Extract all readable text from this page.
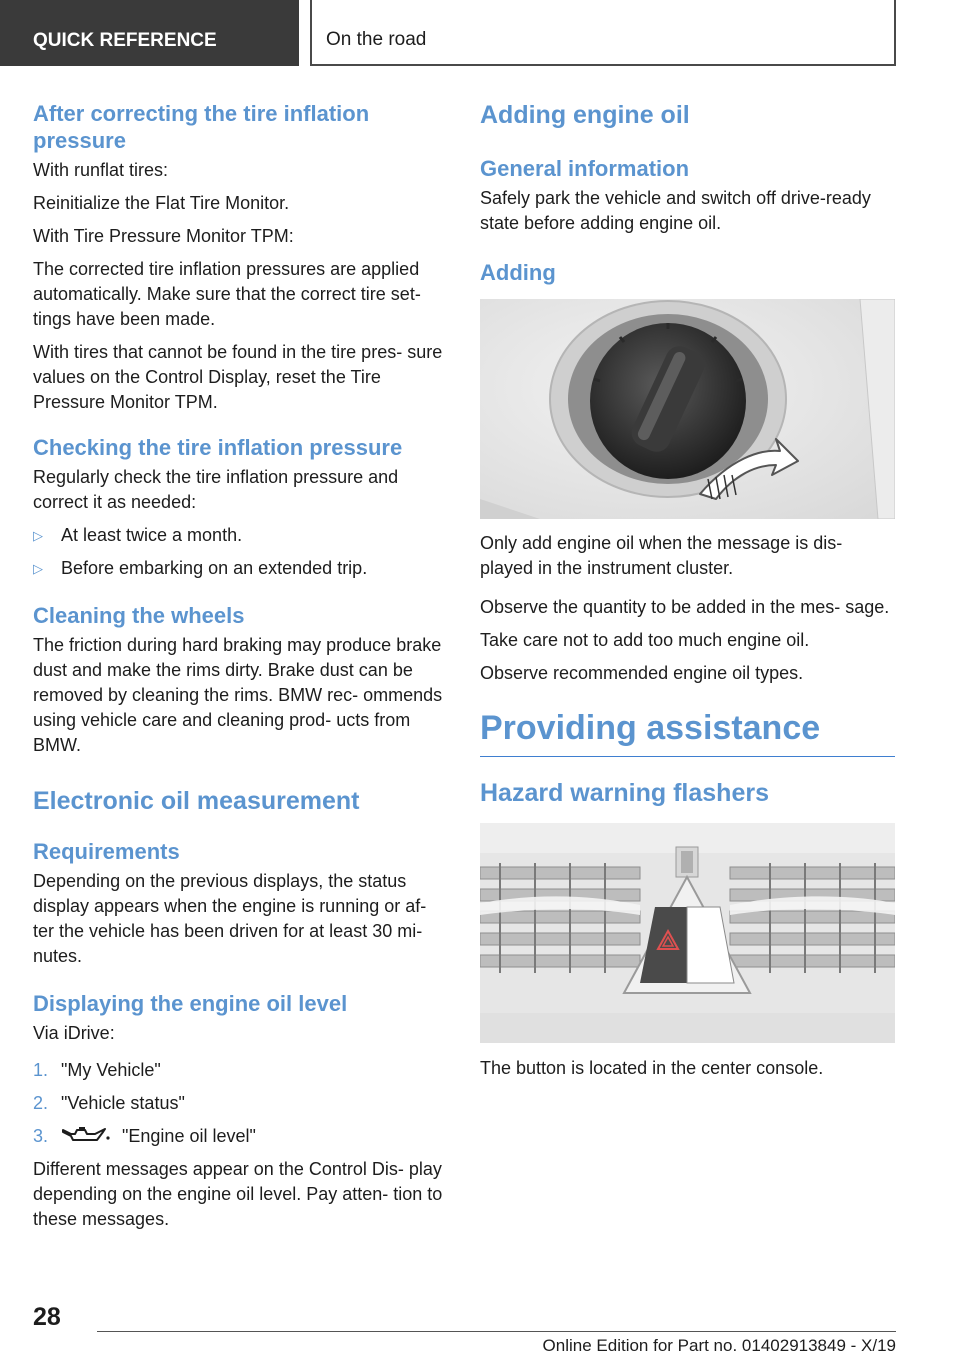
QUICK REFERENCE	On the road
After correcting the tire inflation pressure

With runflat tires:

Reinitialize the Flat Tire Monitor.

With Tire Pressure Monitor TPM:

The corrected tire inflation pressures are applied automatically. Make sure that the correct tire set- tings have been made.

With tires that cannot be found in the tire pres- sure values on the Control Display, reset the Tire Pressure Monitor TPM.

Checking the tire inflation pressure

Regularly check the tire inflation pressure and correct it as needed:

▷ At least twice a month.
▷ Before embarking on an extended trip.
Cleaning the wheels

The friction during hard braking may produce brake dust and make the rims dirty. Brake dust can be removed by cleaning the rims. BMW rec- ommends using vehicle care and cleaning prod- ucts from BMW.

Electronic oil measurement
Requirements

Depending on the previous displays, the status display appears when the engine is running or af- ter the vehicle has been driven for at least 30 mi- nutes.

Displaying the engine oil level

Via iDrive:

1. "My Vehicle"
2. "Vehicle status"
3.	"Engine oil level"

Different messages appear on the Control Dis- play depending on the engine oil level. Pay atten- tion to these messages.

Adding engine oil
General information

Safely park the vehicle and switch off drive-ready state before adding engine oil.

Adding

Only add engine oil when the message is dis- played in the instrument cluster.

Observe the quantity to be added in the mes- sage.

Take care not to add too much engine oil.

Observe recommended engine oil types.

Providing assistance
Hazard warning flashers

The button is located in the center console.

28
Online Edition for Part no. 01402913849 - X/19
